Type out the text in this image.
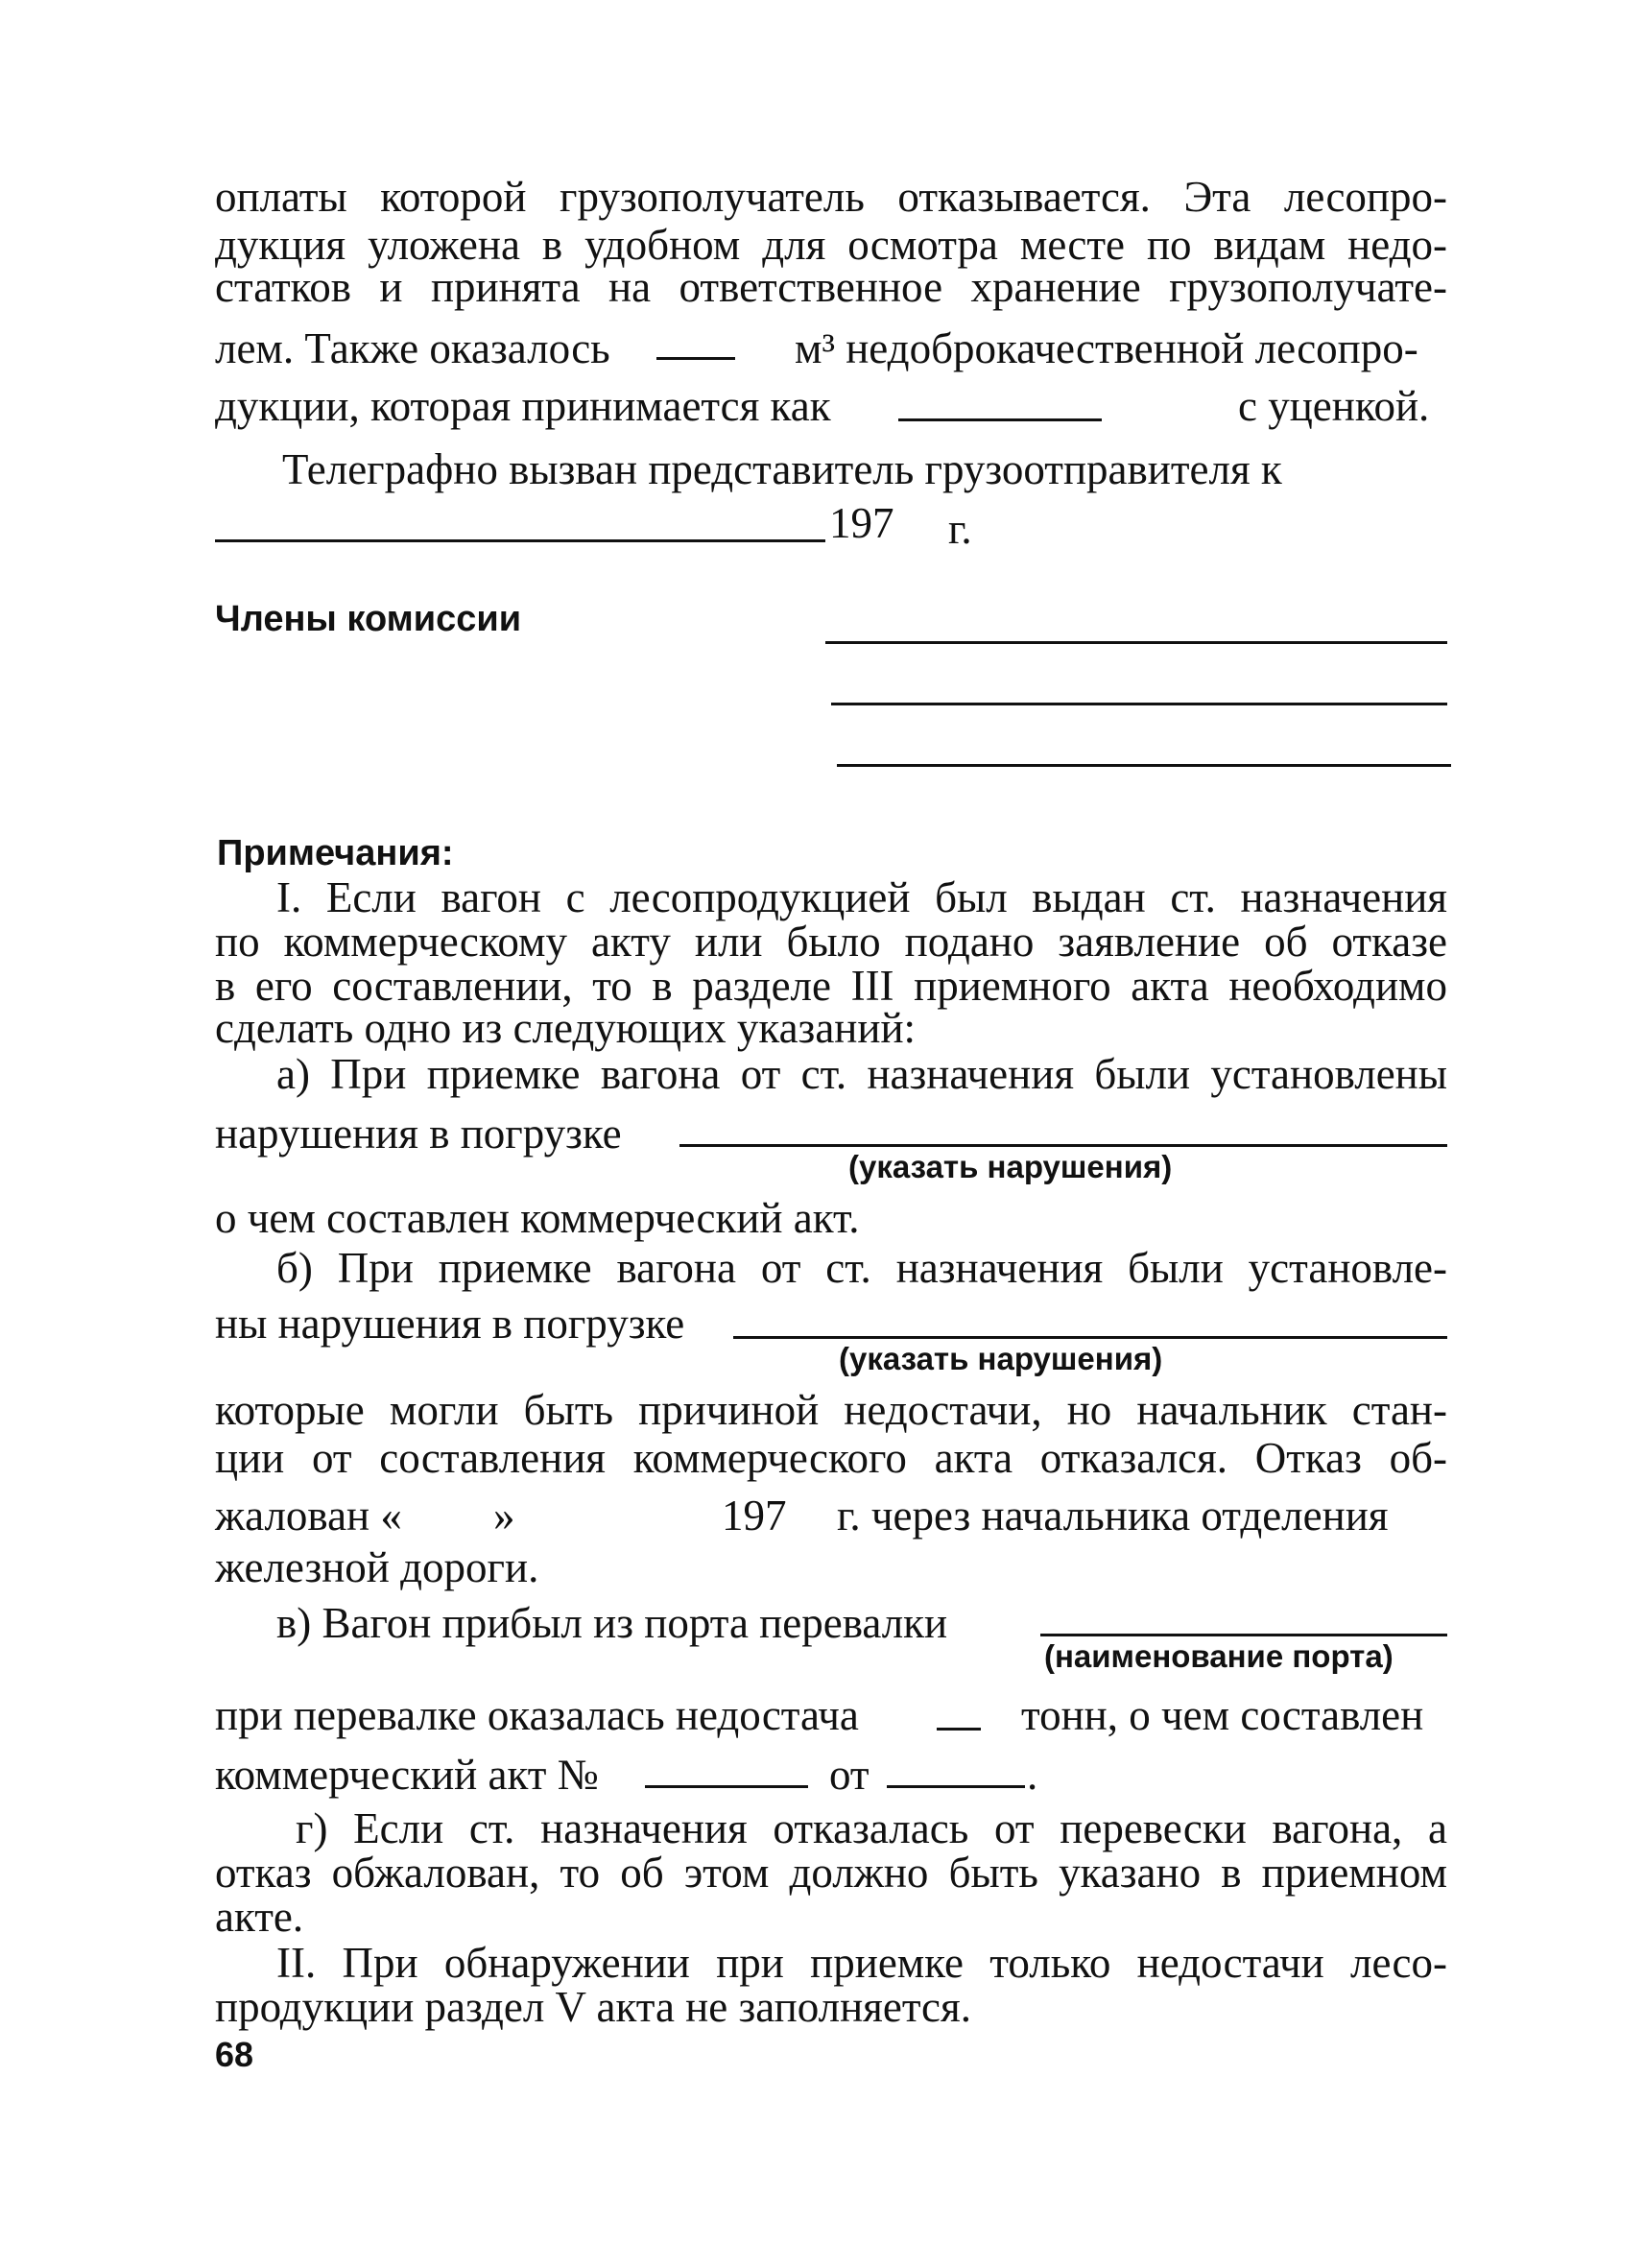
оплаты которой грузополучатель отказывается. Эта лесопро-
дукция уложена в удобном для осмотра месте по видам недо-
статков и принята на ответственное хранение грузополучате-
лем. Также оказалось	м³ недоброкачественной лесопро-
дукции, которая принимается как	с уценкой.
Телеграфно вызван представитель грузоотправителя к
197 г.
Члены комиссии
Примечания:
I. Если вагон с лесопродукцией был выдан ст. назначения
по коммерческому акту или было подано заявление об отказе
в его составлении, то в разделе III приемного акта необходимо
сделать одно из следующих указаний:
а) При приемке вагона от ст. назначения были установлены
нарушения в погрузке
(указать нарушения)
о чем составлен коммерческий акт.
б) При приемке вагона от ст. назначения были установле-
ны нарушения в погрузке
(указать нарушения)
которые могли быть причиной недостачи, но начальник стан-
ции от составления коммерческого акта отказался. Отказ об-
жалован « »	197 г. через начальника отделения
железной дороги.
в) Вагон прибыл из порта перевалки
(наименование порта)
при перевалке оказалась недостача	тонн, о чем составлен
коммерческий акт №	от	.
г) Если ст. назначения отказалась от перевески вагона, а
отказ обжалован, то об этом должно быть указано в приемном
акте.
II. При обнаружении при приемке только недостачи лесо-
продукции раздел V акта не заполняется.
68
